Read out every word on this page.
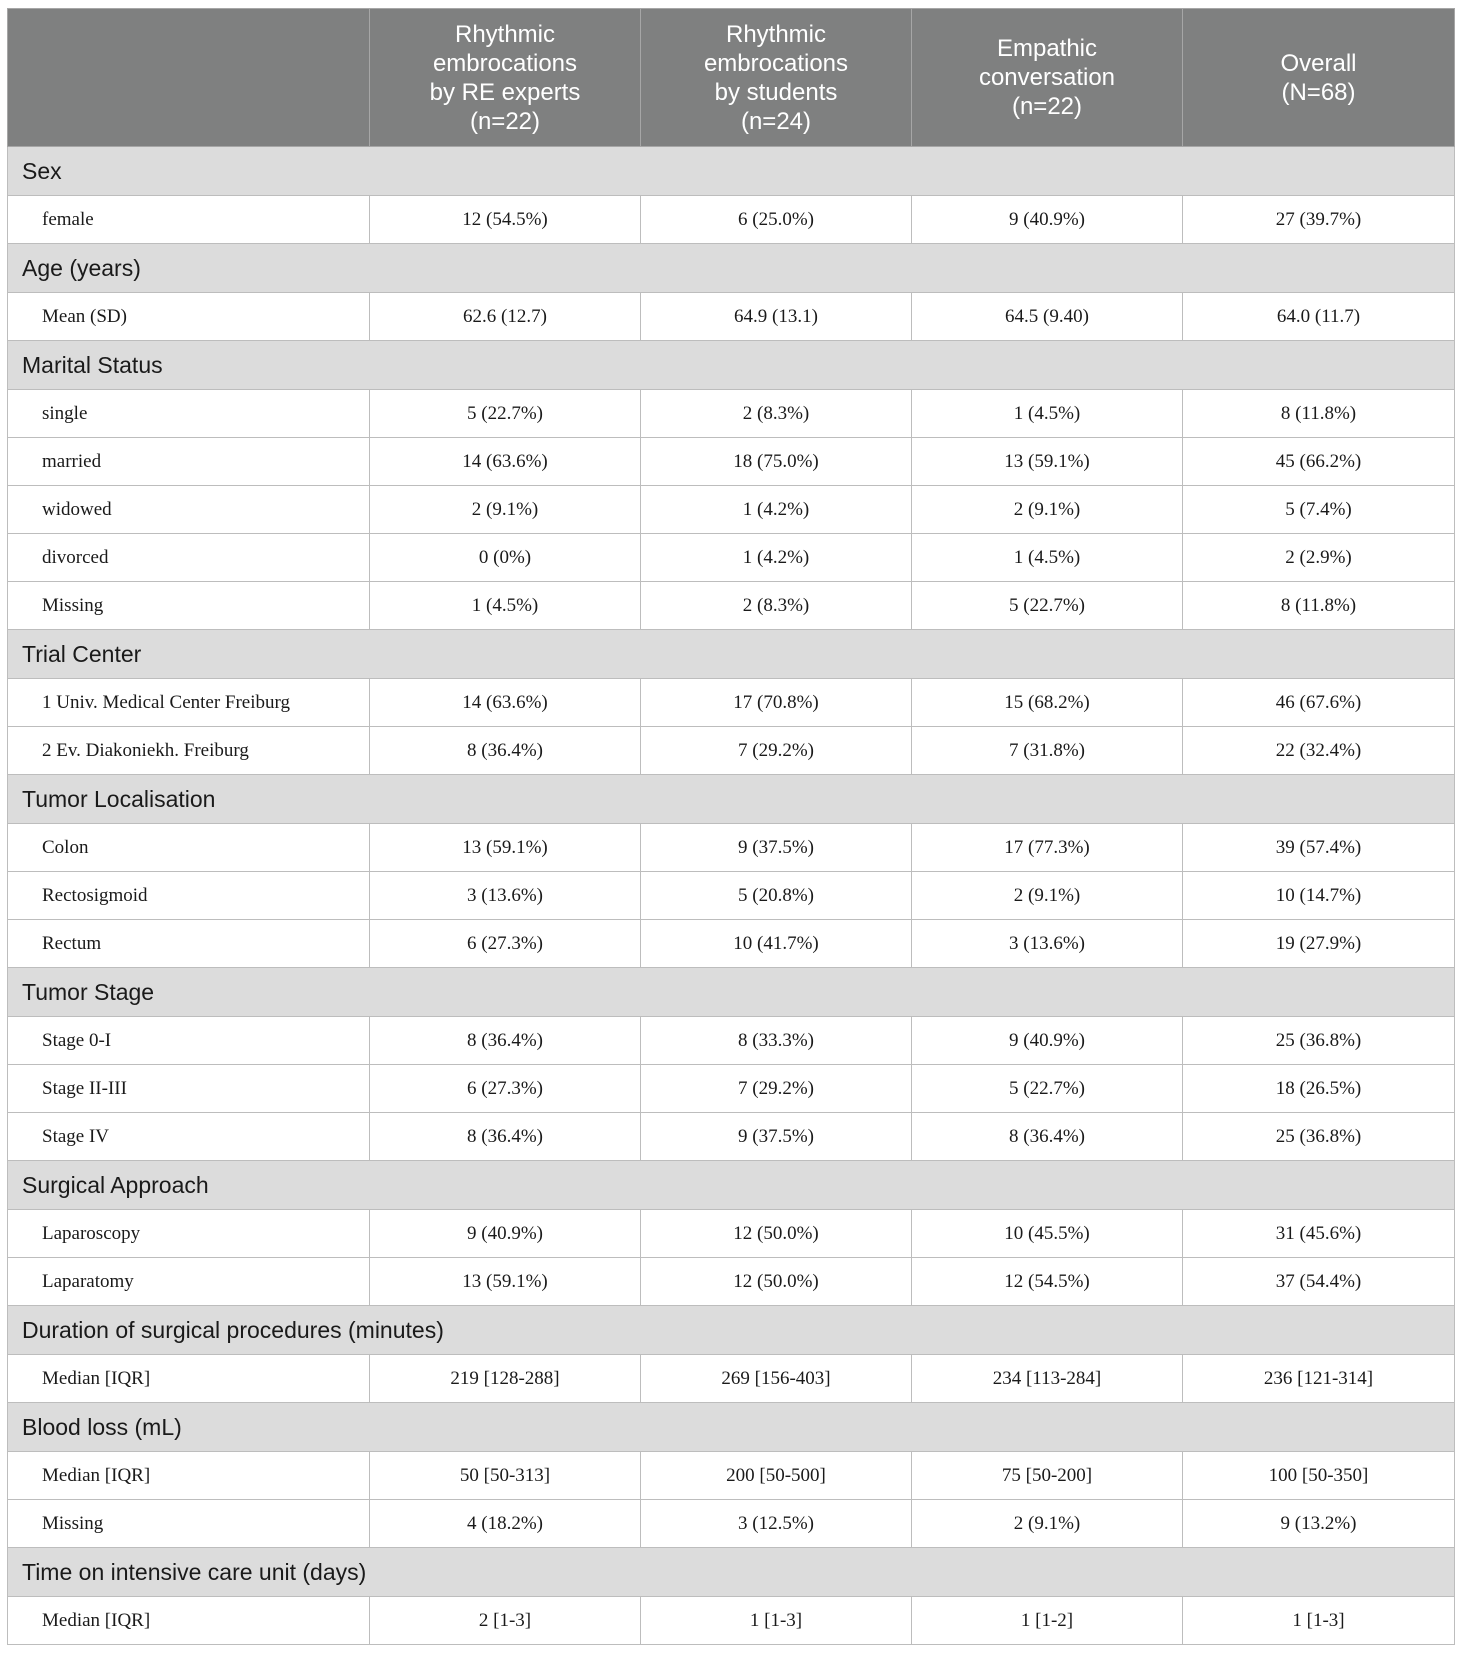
	Rhythmic
embrocations
by RE experts
(n=22)	Rhythmic
embrocations
by students
(n=24)	Empathic
conversation
(n=22)	Overall
(N=68)
Sex				
female	12 (54.5%)	6 (25.0%)	9 (40.9%)	27 (39.7%)
Age (years)				
Mean (SD)	62.6 (12.7)	64.9 (13.1)	64.5 (9.40)	64.0 (11.7)
Marital Status				
single	5 (22.7%)	2 (8.3%)	1 (4.5%)	8 (11.8%)
married	14 (63.6%)	18 (75.0%)	13 (59.1%)	45 (66.2%)
widowed	2 (9.1%)	1 (4.2%)	2 (9.1%)	5 (7.4%)
divorced	0 (0%)	1 (4.2%)	1 (4.5%)	2 (2.9%)
Missing	1 (4.5%)	2 (8.3%)	5 (22.7%)	8 (11.8%)
Trial Center				
1 Univ. Medical Center Freiburg	14 (63.6%)	17 (70.8%)	15 (68.2%)	46 (67.6%)
2 Ev. Diakoniekh. Freiburg	8 (36.4%)	7 (29.2%)	7 (31.8%)	22 (32.4%)
Tumor Localisation				
Colon	13 (59.1%)	9 (37.5%)	17 (77.3%)	39 (57.4%)
Rectosigmoid	3 (13.6%)	5 (20.8%)	2 (9.1%)	10 (14.7%)
Rectum	6 (27.3%)	10 (41.7%)	3 (13.6%)	19 (27.9%)
Tumor Stage				
Stage 0-I	8 (36.4%)	8 (33.3%)	9 (40.9%)	25 (36.8%)
Stage II-III	6 (27.3%)	7 (29.2%)	5 (22.7%)	18 (26.5%)
Stage IV	8 (36.4%)	9 (37.5%)	8 (36.4%)	25 (36.8%)
Surgical Approach				
Laparoscopy	9 (40.9%)	12 (50.0%)	10 (45.5%)	31 (45.6%)
Laparatomy	13 (59.1%)	12 (50.0%)	12 (54.5%)	37 (54.4%)
Duration of surgical procedures (minutes)				
Median [IQR]	219 [128-288]	269 [156-403]	234 [113-284]	236 [121-314]
Blood loss (mL)				
Median [IQR]	50 [50-313]	200 [50-500]	75 [50-200]	100 [50-350]
Missing	4 (18.2%)	3 (12.5%)	2 (9.1%)	9 (13.2%)
Time on intensive care unit (days)				
Median [IQR]	2 [1-3]	1 [1-3]	1 [1-2]	1 [1-3]
